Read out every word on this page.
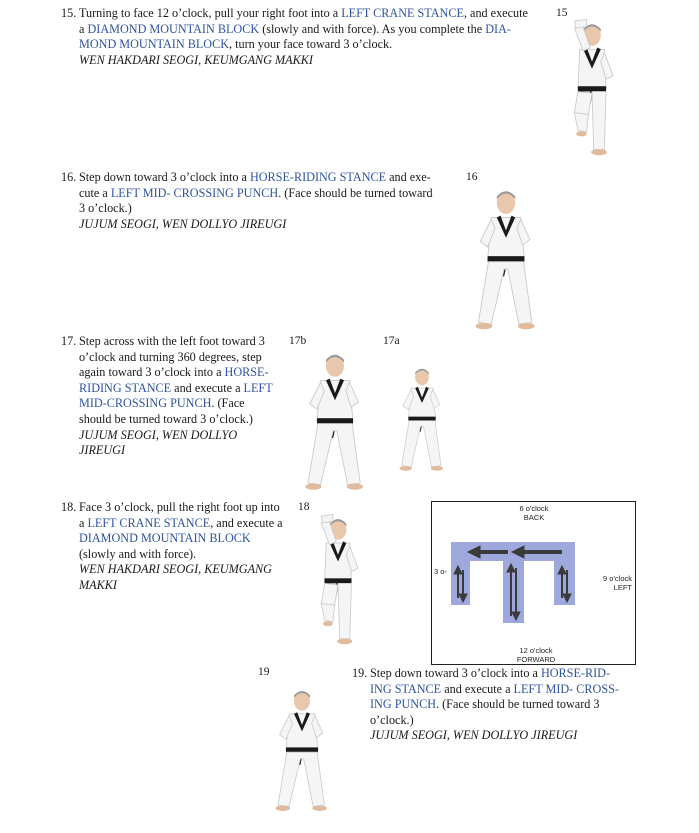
15. Turning to face 12 o’clock, pull your right foot into a LEFT CRANE STANCE, and execute
a DIAMOND MOUNTAIN BLOCK (slowly and with force). As you complete the DIA-
MOND MOUNTAIN BLOCK, turn your face toward 3 o’clock.
WEN HAKDARI SEOGI, KEUMGANG MAKKI
16. Step down toward 3 o’clock into a HORSE-RIDING STANCE and exe-
cute a LEFT MID- CROSSING PUNCH. (Face should be turned toward
3 o’clock.)
JUJUM SEOGI, WEN DOLLYO JIREUGI
17. Step across with the left foot toward 3
o’clock and turning 360 degrees, step
again toward 3 o’clock into a HORSE-
RIDING STANCE and execute a LEFT
MID-CROSSING PUNCH. (Face
should be turned toward 3 o’clock.)
JUJUM SEOGI, WEN DOLLYO
JIREUGI
18. Face 3 o’clock, pull the right foot up into
a LEFT CRANE STANCE, and execute a
DIAMOND MOUNTAIN BLOCK
(slowly and with force).
WEN HAKDARI SEOGI, KEUMGANG
MAKKI
19. Step down toward 3 o’clock into a HORSE-RID-
ING STANCE and execute a LEFT MID- CROSS-
ING PUNCH. (Face should be turned toward 3
o’clock.)
JUJUM SEOGI, WEN DOLLYO JIREUGI
15
16
17b	17a
18
19
6 o'clock
BACK
3 o-
9 o'clock
LEFT
12 o'clock
FORWARD
